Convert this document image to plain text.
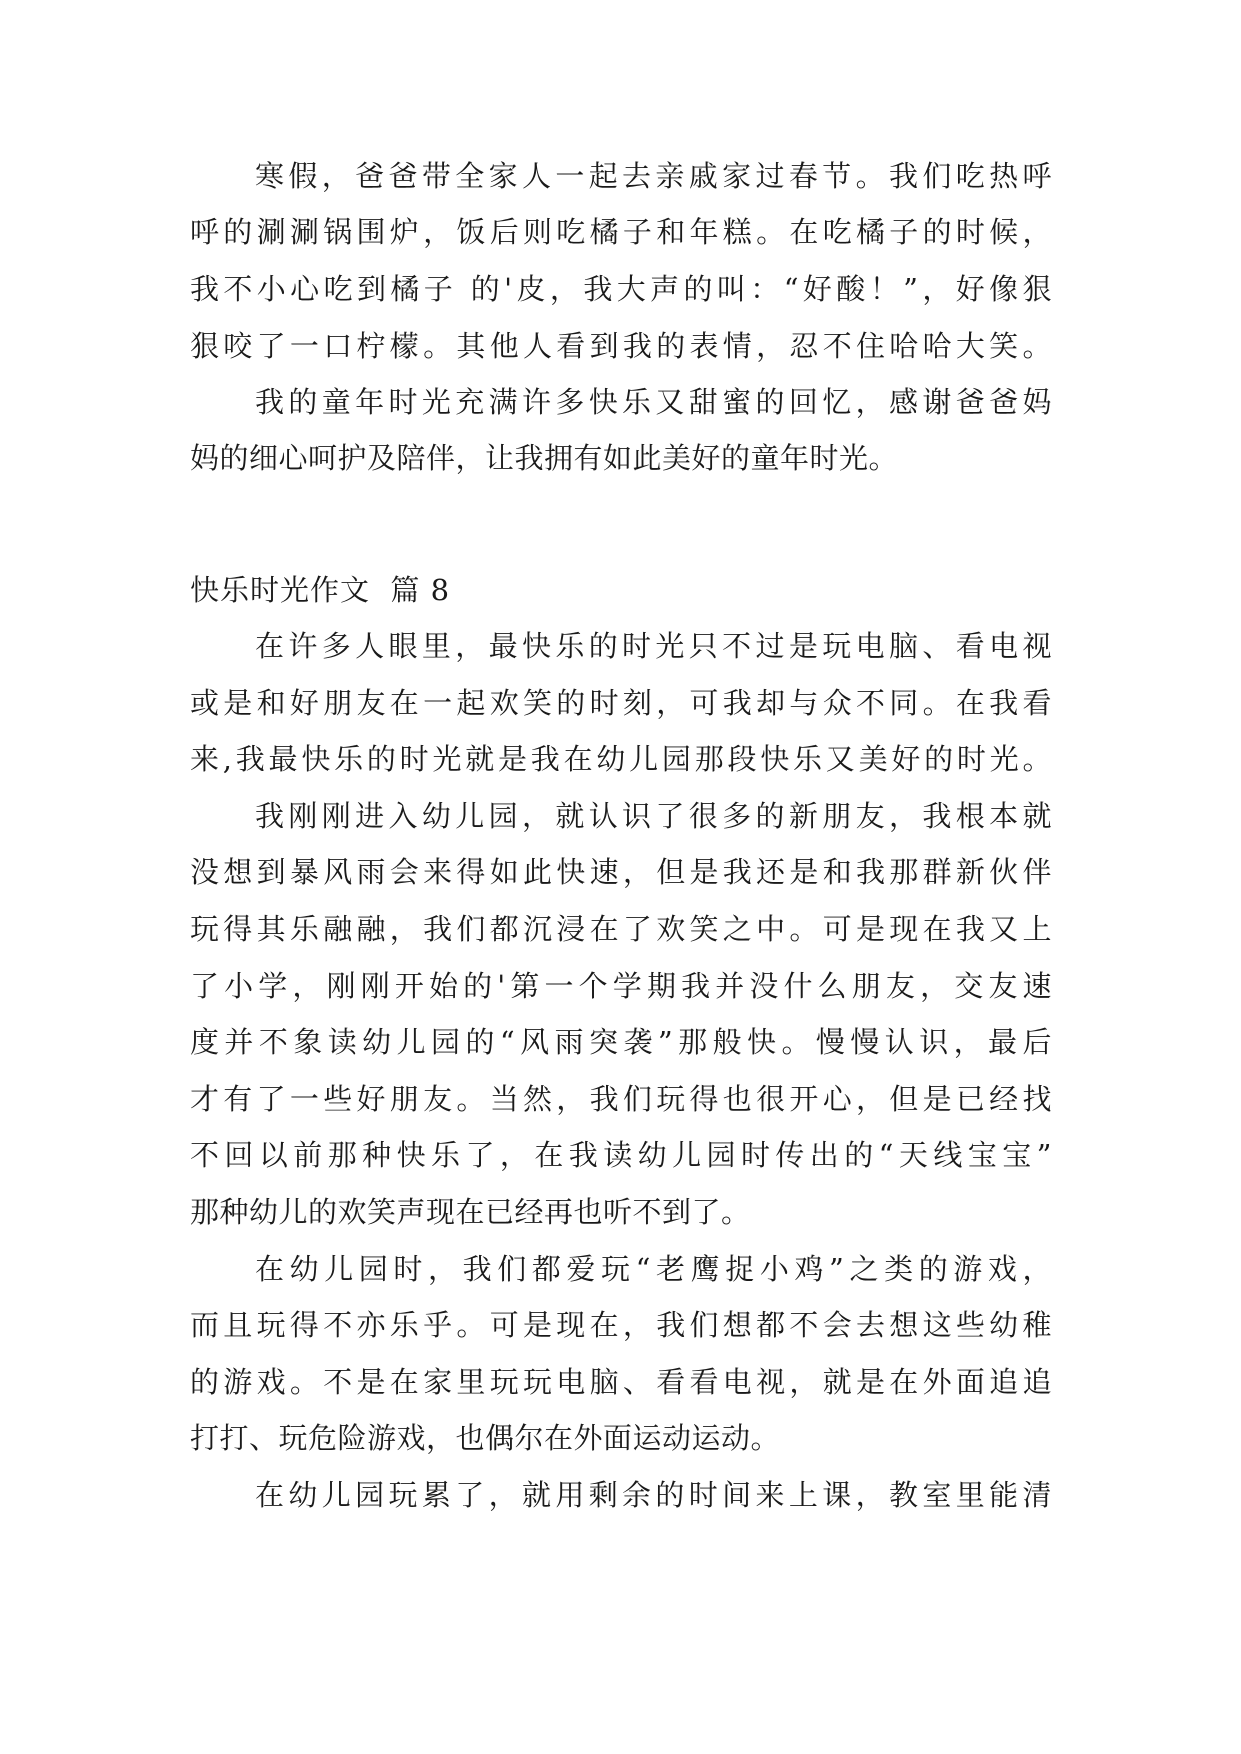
寒假，爸爸带全家人一起去亲戚家过春节。我们吃热呼

呼的涮涮锅围炉，饭后则吃橘子和年糕。在吃橘子的时候，

我不小心吃到橘子 的'皮，我大声的叫：“好酸！”，好像狠

狠咬了一口柠檬。其他人看到我的表情，忍不住哈哈大笑。

我的童年时光充满许多快乐又甜蜜的回忆，感谢爸爸妈

妈的细心呵护及陪伴，让我拥有如此美好的童年时光。

快乐时光作文  篇 8

在许多人眼里，最快乐的时光只不过是玩电脑、看电视

或是和好朋友在一起欢笑的时刻，可我却与众不同。在我看

来,我最快乐的时光就是我在幼儿园那段快乐又美好的时光。

我刚刚进入幼儿园，就认识了很多的新朋友，我根本就

没想到暴风雨会来得如此快速，但是我还是和我那群新伙伴

玩得其乐融融，我们都沉浸在了欢笑之中。可是现在我又上

了小学，刚刚开始的'第一个学期我并没什么朋友，交友速

度并不象读幼儿园的“风雨突袭”那般快。慢慢认识，最后

才有了一些好朋友。当然，我们玩得也很开心，但是已经找

不回以前那种快乐了，在我读幼儿园时传出的“天线宝宝”

那种幼儿的欢笑声现在已经再也听不到了。

在幼儿园时，我们都爱玩“老鹰捉小鸡”之类的游戏，

而且玩得不亦乐乎。可是现在，我们想都不会去想这些幼稚

的游戏。不是在家里玩玩电脑、看看电视，就是在外面追追

打打、玩危险游戏，也偶尔在外面运动运动。

在幼儿园玩累了，就用剩余的时间来上课，教室里能清
